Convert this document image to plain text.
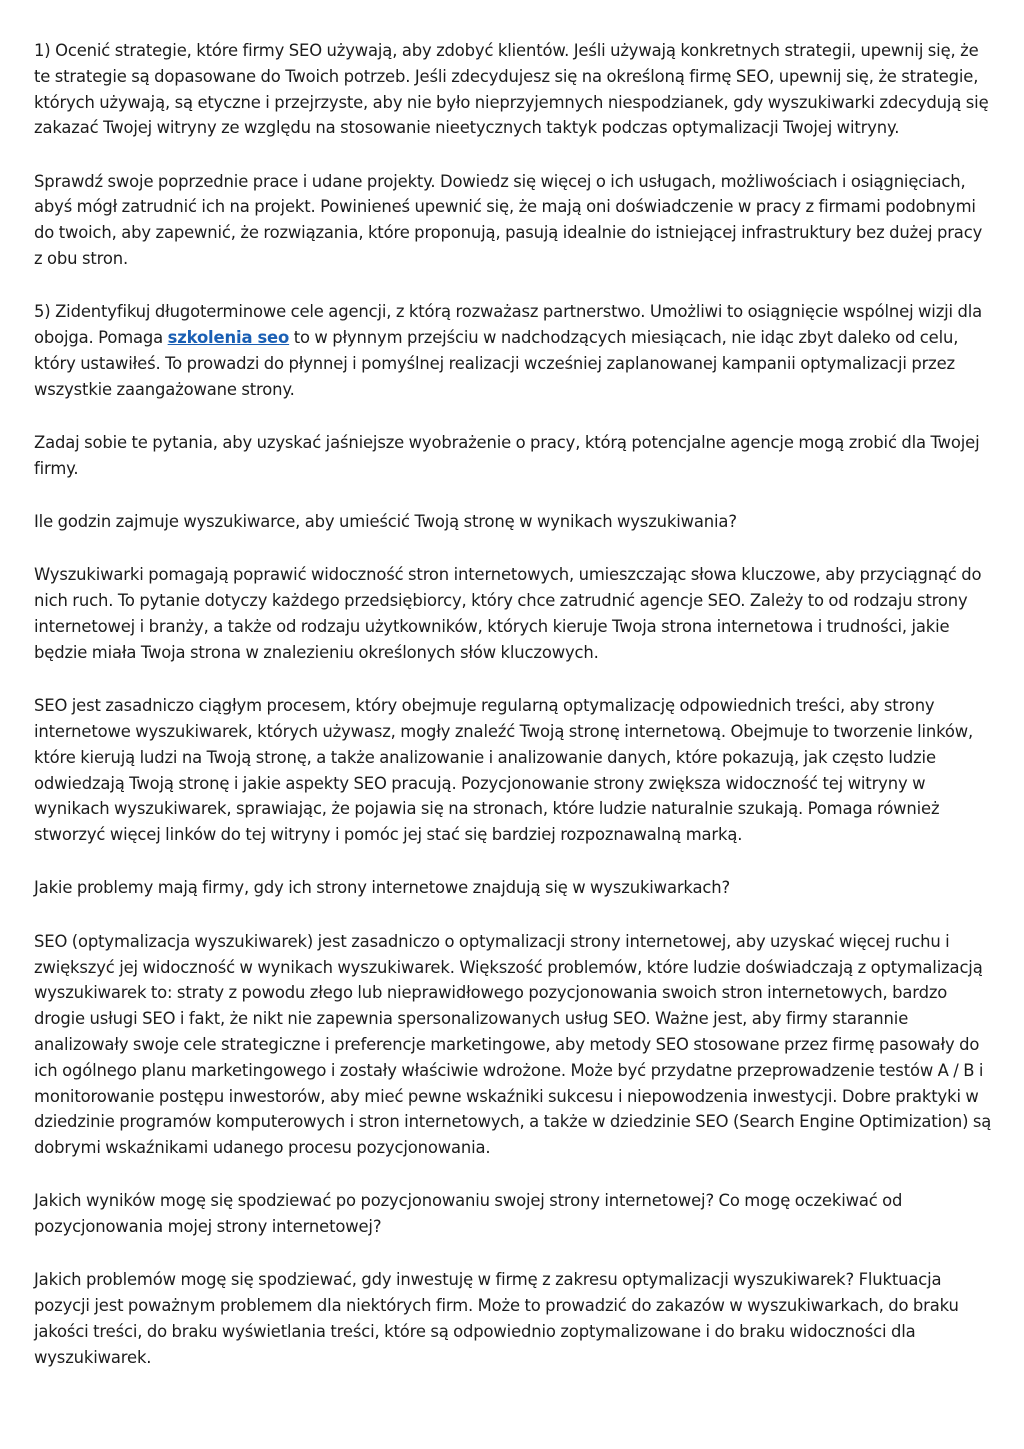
1) Ocenić strategie, które firmy SEO używają, aby zdobyć klientów. Jeśli używają konkretnych strategii, upewnij się, że te strategie są dopasowane do Twoich potrzeb. Jeśli zdecydujesz się na określoną firmę SEO, upewnij się, że strategie, których używają, są etyczne i przejrzyste, aby nie było nieprzyjemnych niespodzianek, gdy wyszukiwarki zdecydują się zakazać Twojej witryny ze względu na stosowanie nieetycznych taktyk podczas optymalizacji Twojej witryny.

Sprawdź swoje poprzednie prace i udane projekty. Dowiedz się więcej o ich usługach, możliwościach i osiągnięciach, abyś mógł zatrudnić ich na projekt. Powinieneś upewnić się, że mają oni doświadczenie w pracy z firmami podobnymi do twoich, aby zapewnić, że rozwiązania, które proponują, pasują idealnie do istniejącej infrastruktury bez dużej pracy z obu stron.

5) Zidentyfikuj długoterminowe cele agencji, z którą rozważasz partnerstwo. Umożliwi to osiągnięcie wspólnej wizji dla obojga. Pomaga szkolenia seo to w płynnym przejściu w nadchodzących miesiącach, nie idąc zbyt daleko od celu, który ustawiłeś. To prowadzi do płynnej i pomyślnej realizacji wcześniej zaplanowanej kampanii optymalizacji przez wszystkie zaangażowane strony.

Zadaj sobie te pytania, aby uzyskać jaśniejsze wyobrażenie o pracy, którą potencjalne agencje mogą zrobić dla Twojej firmy.

Ile godzin zajmuje wyszukiwarce, aby umieścić Twoją stronę w wynikach wyszukiwania?

Wyszukiwarki pomagają poprawić widoczność stron internetowych, umieszczając słowa kluczowe, aby przyciągnąć do nich ruch. To pytanie dotyczy każdego przedsiębiorcy, który chce zatrudnić agencje SEO. Zależy to od rodzaju strony internetowej i branży, a także od rodzaju użytkowników, których kieruje Twoja strona internetowa i trudności, jakie będzie miała Twoja strona w znalezieniu określonych słów kluczowych.

SEO jest zasadniczo ciągłym procesem, który obejmuje regularną optymalizację odpowiednich treści, aby strony internetowe wyszukiwarek, których używasz, mogły znaleźć Twoją stronę internetową. Obejmuje to tworzenie linków, które kierują ludzi na Twoją stronę, a także analizowanie i analizowanie danych, które pokazują, jak często ludzie odwiedzają Twoją stronę i jakie aspekty SEO pracują. Pozycjonowanie strony zwiększa widoczność tej witryny w wynikach wyszukiwarek, sprawiając, że pojawia się na stronach, które ludzie naturalnie szukają. Pomaga również stworzyć więcej linków do tej witryny i pomóc jej stać się bardziej rozpoznawalną marką.

Jakie problemy mają firmy, gdy ich strony internetowe znajdują się w wyszukiwarkach?

SEO (optymalizacja wyszukiwarek) jest zasadniczo o optymalizacji strony internetowej, aby uzyskać więcej ruchu i zwiększyć jej widoczność w wynikach wyszukiwarek. Większość problemów, które ludzie doświadczają z optymalizacją wyszukiwarek to: straty z powodu złego lub nieprawidłowego pozycjonowania swoich stron internetowych, bardzo drogie usługi SEO i fakt, że nikt nie zapewnia spersonalizowanych usług SEO. Ważne jest, aby firmy starannie analizowały swoje cele strategiczne i preferencje marketingowe, aby metody SEO stosowane przez firmę pasowały do ich ogólnego planu marketingowego i zostały właściwie wdrożone. Może być przydatne przeprowadzenie testów A / B i monitorowanie postępu inwestorów, aby mieć pewne wskaźniki sukcesu i niepowodzenia inwestycji. Dobre praktyki w dziedzinie programów komputerowych i stron internetowych, a także w dziedzinie SEO (Search Engine Optimization) są dobrymi wskaźnikami udanego procesu pozycjonowania.

Jakich wyników mogę się spodziewać po pozycjonowaniu swojej strony internetowej? Co mogę oczekiwać od pozycjonowania mojej strony internetowej?

Jakich problemów mogę się spodziewać, gdy inwestuję w firmę z zakresu optymalizacji wyszukiwarek? Fluktuacja pozycji jest poważnym problemem dla niektórych firm. Może to prowadzić do zakazów w wyszukiwarkach, do braku jakości treści, do braku wyświetlania treści, które są odpowiednio zoptymalizowane i do braku widoczności dla wyszukiwarek.
